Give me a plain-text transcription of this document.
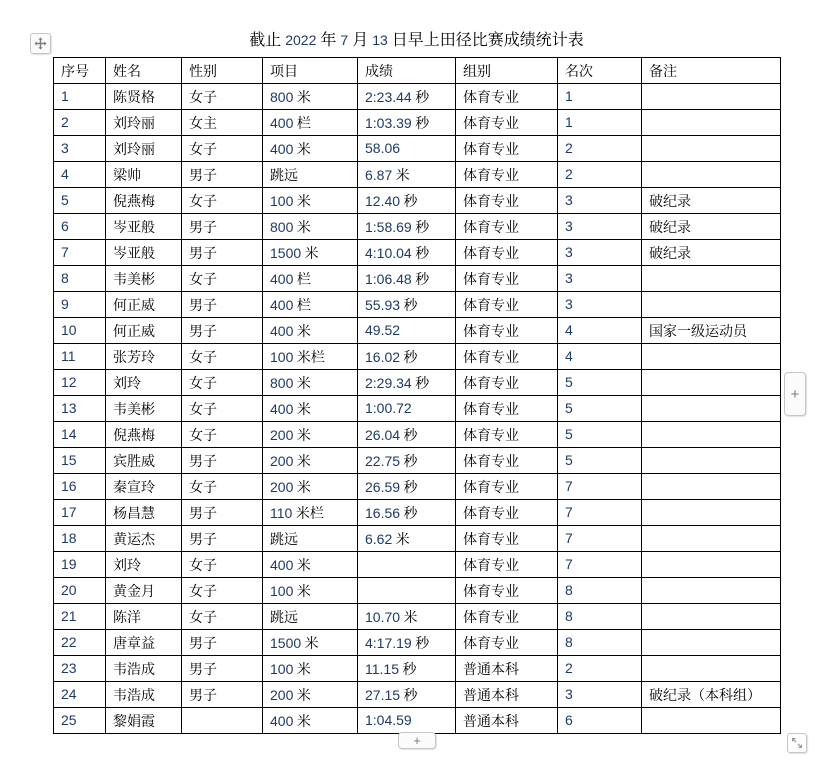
截止 2022 年 7 月 13 日早上田径比赛成绩统计表
序号	姓名	性别	项目	成绩	组别	名次	备注
1	陈贤格	女子	800 米	2:23.44 秒	体育专业	1	
2	刘玲丽	女主	400 栏	1:03.39 秒	体育专业	1	
3	刘玲丽	女子	400 米	58.06	体育专业	2	
4	梁帅	男子	跳远	6.87 米	体育专业	2	
5	倪燕梅	女子	100 米	12.40 秒	体育专业	3	破纪录
6	岑亚般	男子	800 米	1:58.69 秒	体育专业	3	破纪录
7	岑亚般	男子	1500 米	4:10.04 秒	体育专业	3	破纪录
8	韦美彬	女子	400 栏	1:06.48 秒	体育专业	3	
9	何正威	男子	400 栏	55.93 秒	体育专业	3	
10	何正威	男子	400 米	49.52	体育专业	4	国家一级运动员
11	张芳玲	女子	100 米栏	16.02 秒	体育专业	4	
12	刘玲	女子	800 米	2:29.34 秒	体育专业	5	
13	韦美彬	女子	400 米	1:00.72	体育专业	5	
14	倪燕梅	女子	200 米	26.04 秒	体育专业	5	
15	宾胜威	男子	200 米	22.75 秒	体育专业	5	
16	秦宣玲	女子	200 米	26.59 秒	体育专业	7	
17	杨昌慧	男子	110 米栏	16.56 秒	体育专业	7	
18	黄运杰	男子	跳远	6.62 米	体育专业	7	
19	刘玲	女子	400 米		体育专业	7	
20	黄金月	女子	100 米		体育专业	8	
21	陈洋	女子	跳远	10.70 米	体育专业	8	
22	唐章益	男子	1500 米	4:17.19 秒	体育专业	8	
23	韦浩成	男子	100 米	11.15 秒	普通本科	2	
24	韦浩成	男子	200 米	27.15 秒	普通本科	3	破纪录（本科组）
25	黎娟霞		400 米	1:04.59	普通本科	6	
+
+
